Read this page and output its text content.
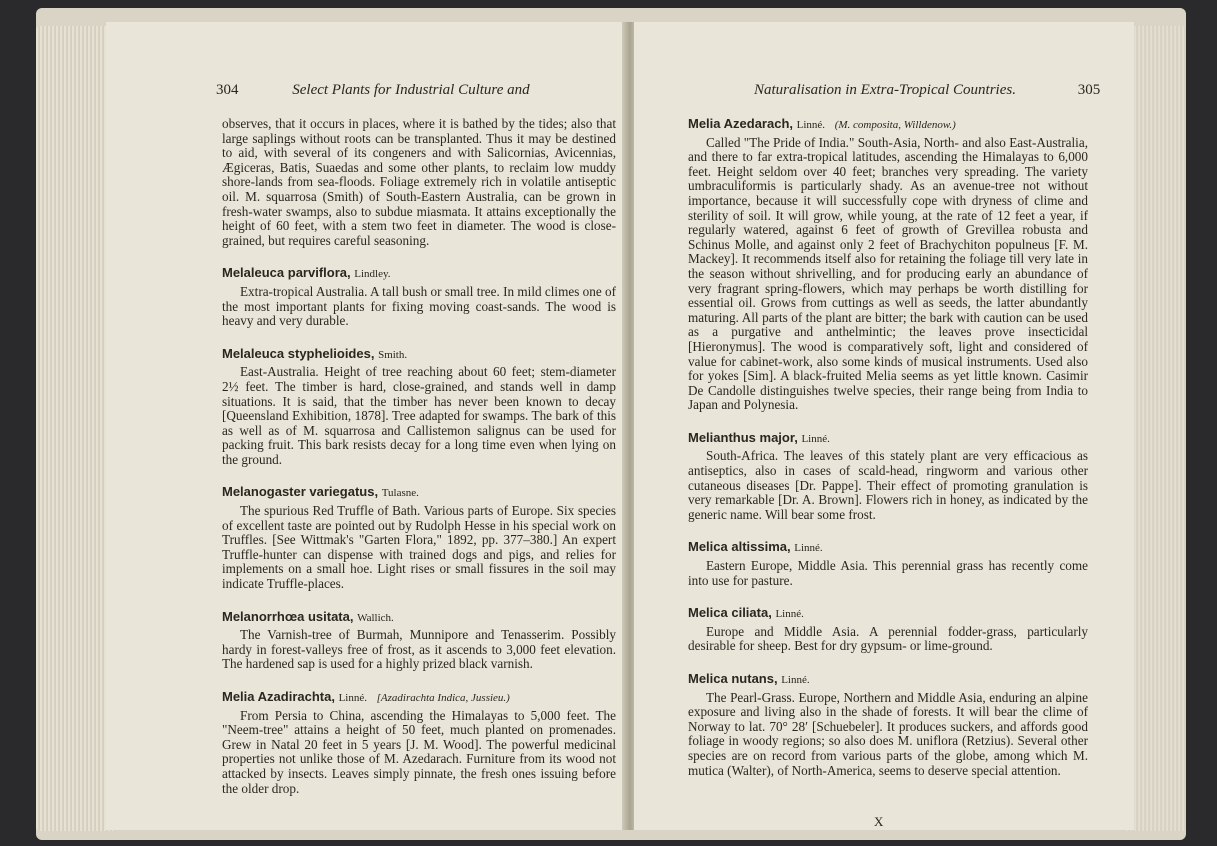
304	Select Plants for Industrial Culture and

observes, that it occurs in places, where it is bathed by the tides; also that large saplings without roots can be transplanted. Thus it may be destined to aid, with several of its congeners and with Salicornias, Avicennias, Ægiceras, Batis, Suaedas and some other plants, to reclaim low muddy shore-lands from sea-floods. Foliage extremely rich in volatile antiseptic oil. M. squarrosa (Smith) of South-Eastern Australia, can be grown in fresh-water swamps, also to subdue miasmata. It attains exceptionally the height of 60 feet, with a stem two feet in diameter. The wood is close-grained, but requires careful seasoning.

Melaleuca parviflora, Lindley.

Extra-tropical Australia. A tall bush or small tree. In mild climes one of the most important plants for fixing moving coast-sands. The wood is heavy and very durable.

Melaleuca styphelioides, Smith.

East-Australia. Height of tree reaching about 60 feet; stem-diameter 2½ feet. The timber is hard, close-grained, and stands well in damp situations. It is said, that the timber has never been known to decay [Queensland Exhibition, 1878]. Tree adapted for swamps. The bark of this as well as of M. squarrosa and Callistemon salignus can be used for packing fruit. This bark resists decay for a long time even when lying on the ground.

Melanogaster variegatus, Tulasne.

The spurious Red Truffle of Bath. Various parts of Europe. Six species of excellent taste are pointed out by Rudolph Hesse in his special work on Truffles. [See Wittmak's "Garten Flora," 1892, pp. 377–380.] An expert Truffle-hunter can dispense with trained dogs and pigs, and relies for implements on a small hoe. Light rises or small fissures in the soil may indicate Truffle-places.

Melanorrhœa usitata, Wallich.

The Varnish-tree of Burmah, Munnipore and Tenasserim. Possibly hardy in forest-valleys free of frost, as it ascends to 3,000 feet elevation. The hardened sap is used for a highly prized black varnish.

Melia Azadirachta, Linné. [Azadirachta Indica, Jussieu.)

From Persia to China, ascending the Himalayas to 5,000 feet. The "Neem-tree" attains a height of 50 feet, much planted on promenades. Grew in Natal 20 feet in 5 years [J. M. Wood]. The powerful medicinal properties not unlike those of M. Azedarach. Furniture from its wood not attacked by insects. Leaves simply pinnate, the fresh ones issuing before the older drop.

Naturalisation in Extra-Tropical Countries.	305
Melia Azedarach, Linné. (M. composita, Willdenow.)

Called "The Pride of India." South-Asia, North- and also East-Australia, and there to far extra-tropical latitudes, ascending the Himalayas to 6,000 feet. Height seldom over 40 feet; branches very spreading. The variety umbraculiformis is particularly shady. As an avenue-tree not without importance, because it will successfully cope with dryness of clime and sterility of soil. It will grow, while young, at the rate of 12 feet a year, if regularly watered, against 6 feet of growth of Grevillea robusta and Schinus Molle, and against only 2 feet of Brachychiton populneus [F. M. Mackey]. It recommends itself also for retaining the foliage till very late in the season without shrivelling, and for producing early an abundance of very fragrant spring-flowers, which may perhaps be worth distilling for essential oil. Grows from cuttings as well as seeds, the latter abundantly maturing. All parts of the plant are bitter; the bark with caution can be used as a purgative and anthelmintic; the leaves prove insecticidal [Hieronymus]. The wood is comparatively soft, light and considered of value for cabinet-work, also some kinds of musical instruments. Used also for yokes [Sim]. A black-fruited Melia seems as yet little known. Casimir De Candolle distinguishes twelve species, their range being from India to Japan and Polynesia.

Melianthus major, Linné.

South-Africa. The leaves of this stately plant are very efficacious as antiseptics, also in cases of scald-head, ringworm and various other cutaneous diseases [Dr. Pappe]. Their effect of promoting granulation is very remarkable [Dr. A. Brown]. Flowers rich in honey, as indicated by the generic name. Will bear some frost.

Melica altissima, Linné.

Eastern Europe, Middle Asia. This perennial grass has recently come into use for pasture.

Melica ciliata, Linné.

Europe and Middle Asia. A perennial fodder-grass, particularly desirable for sheep. Best for dry gypsum- or lime-ground.

Melica nutans, Linné.

The Pearl-Grass. Europe, Northern and Middle Asia, enduring an alpine exposure and living also in the shade of forests. It will bear the clime of Norway to lat. 70° 28′ [Schuebeler]. It produces suckers, and affords good foliage in woody regions; so also does M. uniflora (Retzius). Several other species are on record from various parts of the globe, among which M. mutica (Walter), of North-America, seems to deserve special attention.

X
